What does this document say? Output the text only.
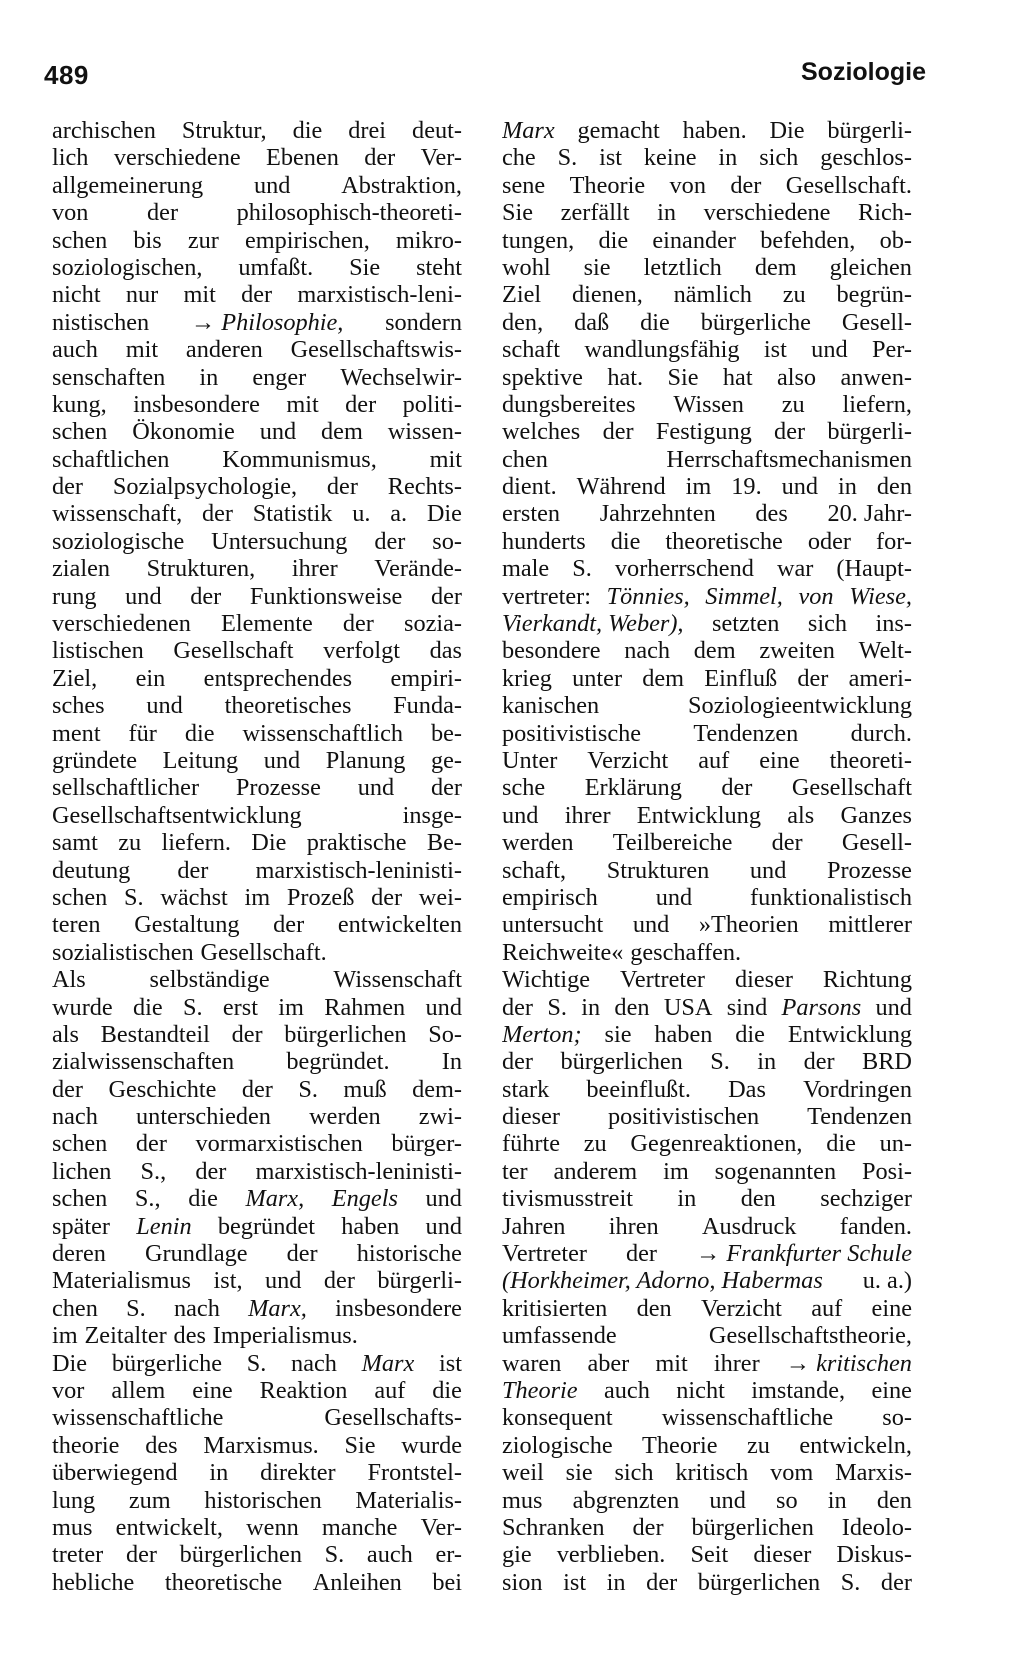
489	Soziologie
archischen Struktur, die drei deut-
lich verschiedene Ebenen der Ver-
allgemeinerung und Abstraktion,
von der philosophisch-theoreti-
schen bis zur empirischen, mikro-
soziologischen, umfaßt. Sie steht
nicht nur mit der marxistisch-leni-
nistischen → Philosophie, sondern
auch mit anderen Gesellschaftswis-
senschaften in enger Wechselwir-
kung, insbesondere mit der politi-
schen Ökonomie und dem wissen-
schaftlichen Kommunismus, mit
der Sozialpsychologie, der Rechts-
wissenschaft, der Statistik u. a. Die
soziologische Untersuchung der so-
zialen Strukturen, ihrer Verände-
rung und der Funktionsweise der
verschiedenen Elemente der sozia-
listischen Gesellschaft verfolgt das
Ziel, ein entsprechendes empiri-
sches und theoretisches Funda-
ment für die wissenschaftlich be-
gründete Leitung und Planung ge-
sellschaftlicher Prozesse und der
Gesellschaftsentwicklung	insge-
samt zu liefern. Die praktische Be-
deutung der marxistisch-leninisti-
schen S. wächst im Prozeß der wei-
teren Gestaltung der entwickelten
sozialistischen Gesellschaft.
Als	selbständige	Wissenschaft
wurde die S. erst im Rahmen und
als Bestandteil der bürgerlichen So-
zialwissenschaften begründet. In
der Geschichte der S. muß dem-
nach unterschieden werden zwi-
schen der vormarxistischen bürger-
lichen S., der marxistisch-leninisti-
schen S., die Marx, Engels und
später Lenin begründet haben und
deren Grundlage der historische
Materialismus ist, und der bürgerli-
chen S. nach Marx, insbesondere
im Zeitalter des Imperialismus.
Die bürgerliche S. nach Marx ist
vor allem eine Reaktion auf die
wissenschaftliche	Gesellschafts-
theorie des Marxismus. Sie wurde
überwiegend in direkter Frontstel-
lung zum historischen Materialis-
mus entwickelt, wenn manche Ver-
treter der bürgerlichen S. auch er-
hebliche theoretische Anleihen bei
Marx gemacht haben. Die bürgerli-
che S. ist keine in sich geschlos-
sene Theorie von der Gesellschaft.
Sie zerfällt in verschiedene Rich-
tungen, die einander befehden, ob-
wohl sie letztlich dem gleichen
Ziel dienen, nämlich zu begrün-
den, daß die bürgerliche Gesell-
schaft wandlungsfähig ist und Per-
spektive hat. Sie hat also anwen-
dungsbereites Wissen zu liefern,
welches der Festigung der bürgerli-
chen	Herrschaftsmechanismen
dient. Während im 19. und in den
ersten Jahrzehnten des 20. Jahr-
hunderts die theoretische oder for-
male S. vorherrschend war (Haupt-
vertreter: Tönnies, Simmel, von Wiese,
Vierkandt, Weber), setzten sich ins-
besondere nach dem zweiten Welt-
krieg unter dem Einfluß der ameri-
kanischen	Soziologieentwicklung
positivistische Tendenzen durch.
Unter Verzicht auf eine theoreti-
sche Erklärung der Gesellschaft
und ihrer Entwicklung als Ganzes
werden Teilbereiche der Gesell-
schaft, Strukturen und Prozesse
empirisch und funktionalistisch
untersucht und »Theorien mittlerer
Reichweite« geschaffen.
Wichtige Vertreter dieser Richtung
der S. in den USA sind Parsons und
Merton; sie haben die Entwicklung
der bürgerlichen S. in der BRD
stark beeinflußt. Das Vordringen
dieser positivistischen Tendenzen
führte zu Gegenreaktionen, die un-
ter anderem im sogenannten Posi-
tivismusstreit in den sechziger
Jahren ihren Ausdruck fanden.
Vertreter der → Frankfurter Schule
(Horkheimer, Adorno, Habermas u. a.)
kritisierten den Verzicht auf eine
umfassende	Gesellschaftstheorie,
waren aber mit ihrer → kritischen
Theorie auch nicht imstande, eine
konsequent wissenschaftliche so-
ziologische Theorie zu entwickeln,
weil sie sich kritisch vom Marxis-
mus abgrenzten und so in den
Schranken der bürgerlichen Ideolo-
gie verblieben. Seit dieser Diskus-
sion ist in der bürgerlichen S. der
